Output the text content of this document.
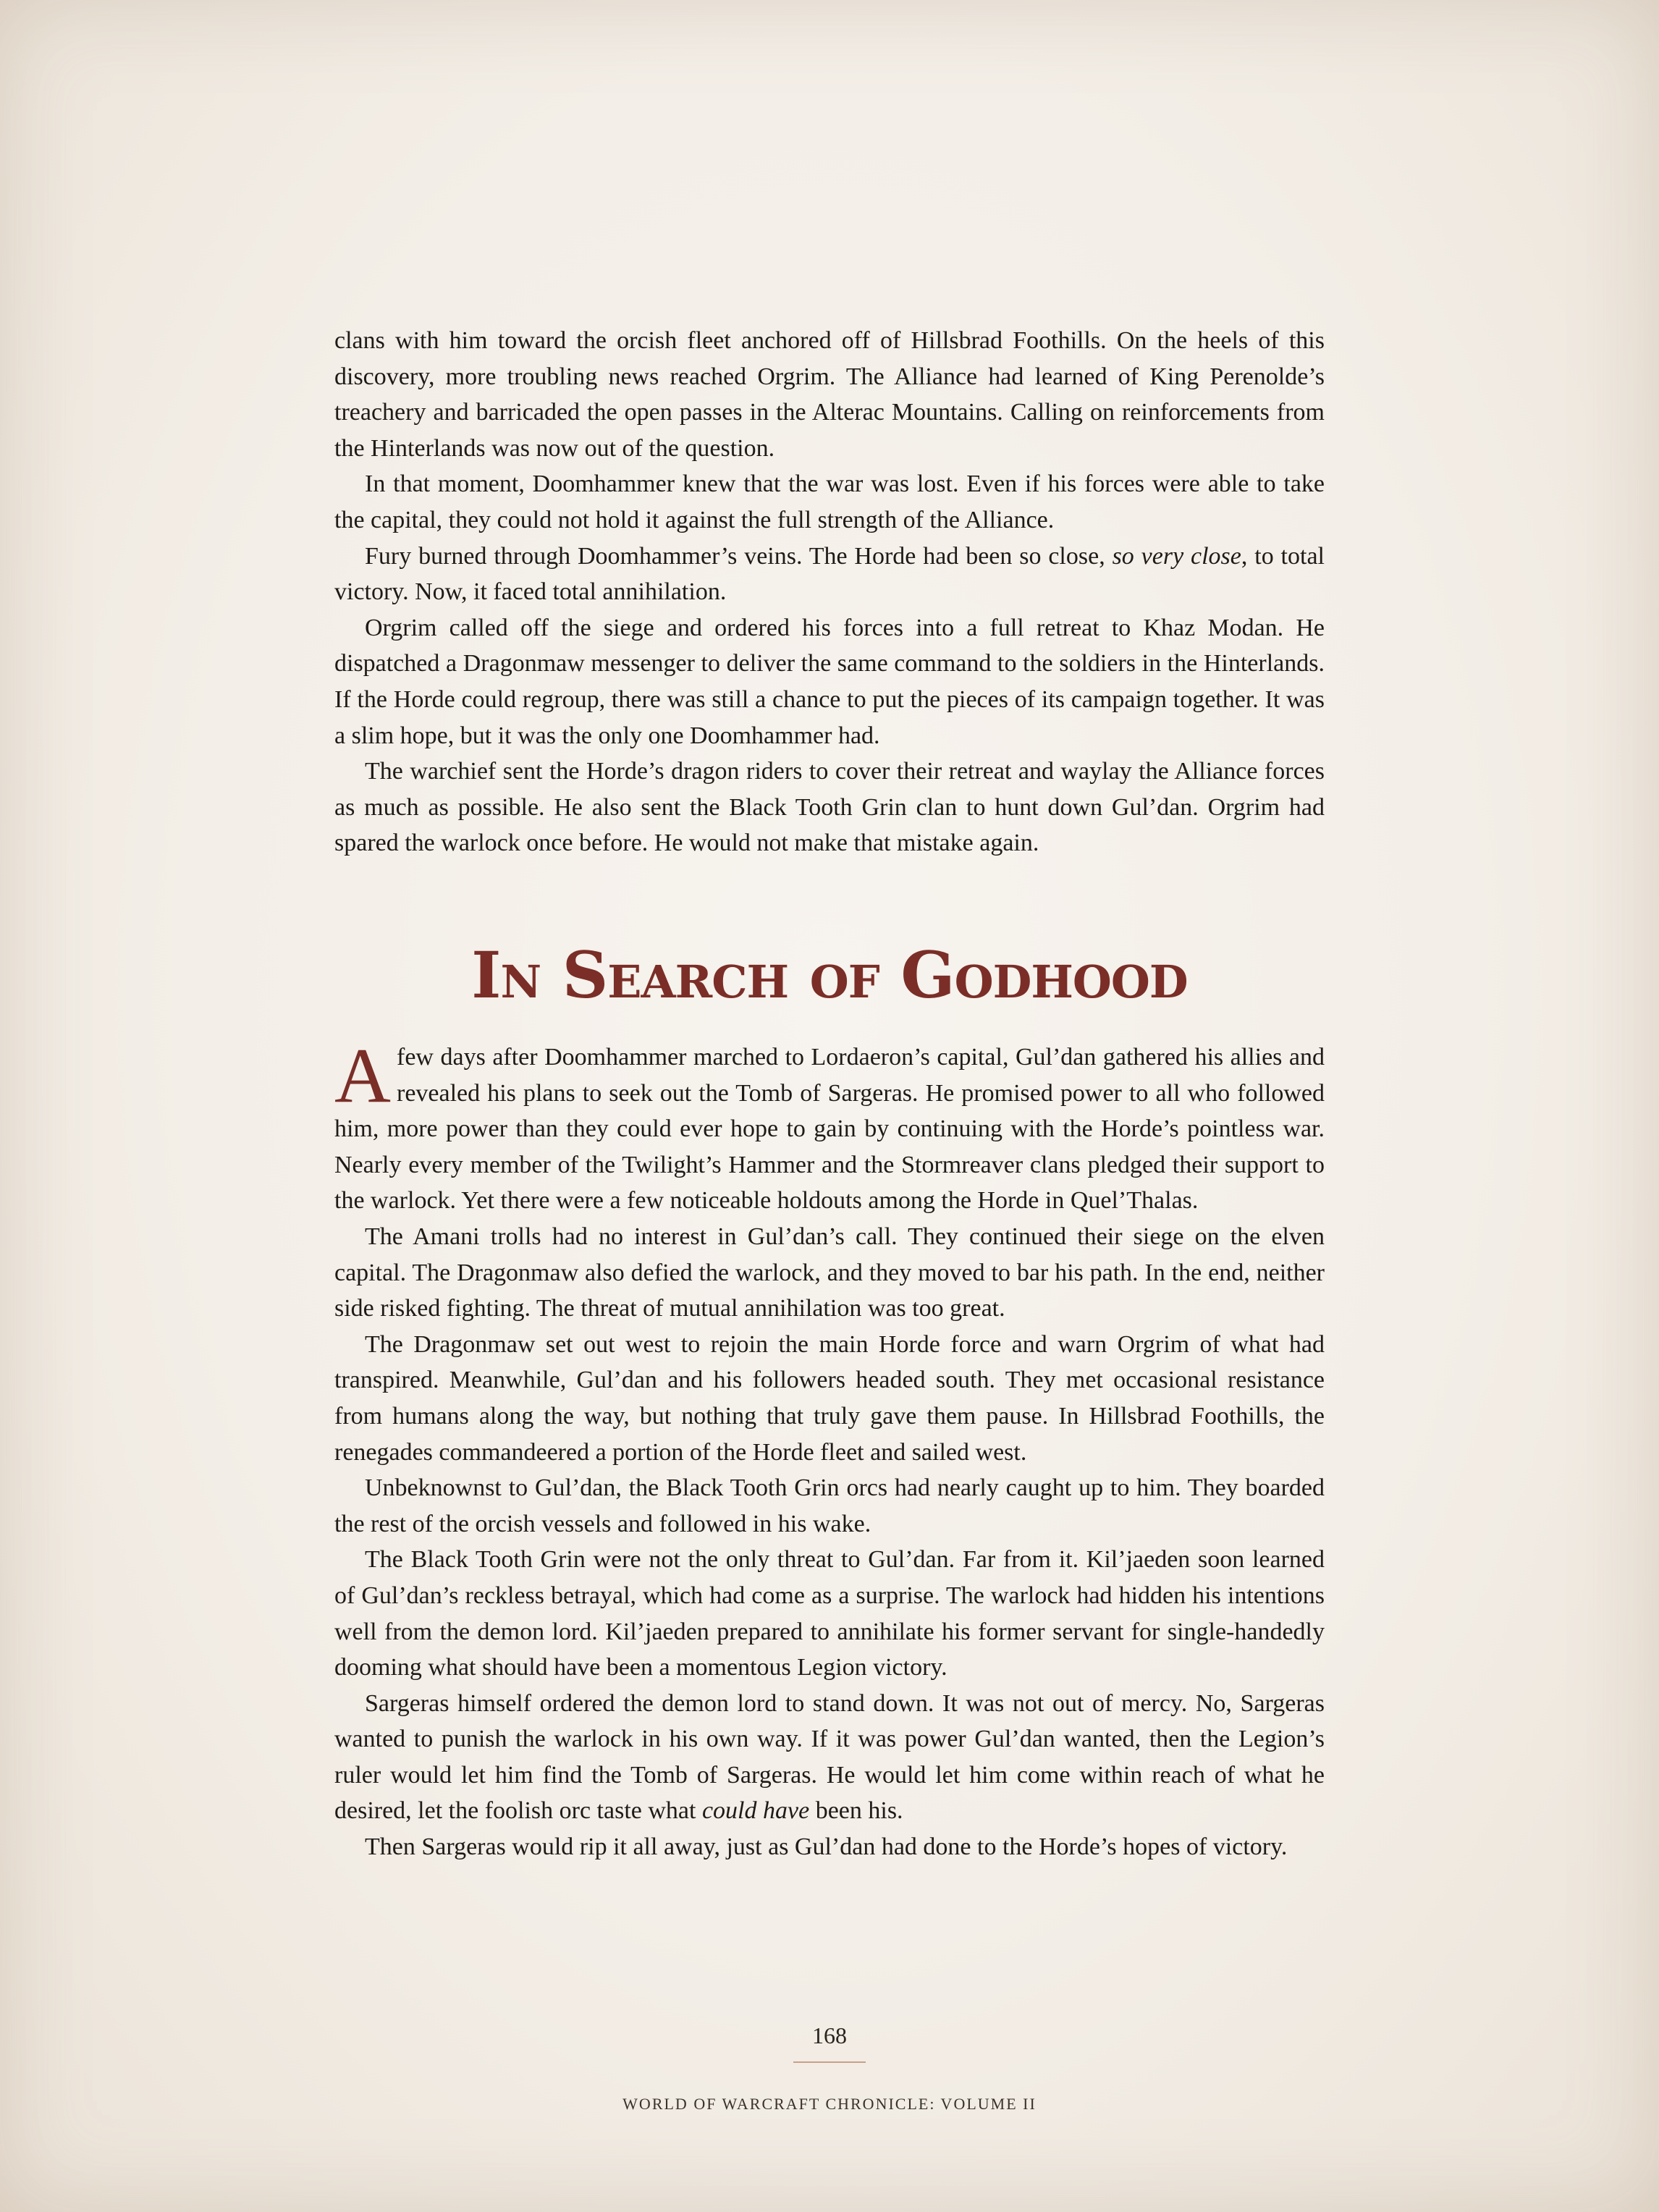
clans with him toward the orcish fleet anchored off of Hillsbrad Foothills. On the heels of this discovery, more troubling news reached Orgrim. The Alliance had learned of King Perenolde’s treachery and barricaded the open passes in the Alterac Mountains. Calling on reinforcements from the Hinterlands was now out of the question.

In that moment, Doomhammer knew that the war was lost. Even if his forces were able to take the capital, they could not hold it against the full strength of the Alliance.

Fury burned through Doomhammer’s veins. The Horde had been so close, so very close, to total victory. Now, it faced total annihilation.

Orgrim called off the siege and ordered his forces into a full retreat to Khaz Modan. He dispatched a Dragonmaw messenger to deliver the same command to the soldiers in the Hinterlands. If the Horde could regroup, there was still a chance to put the pieces of its campaign together. It was a slim hope, but it was the only one Doomhammer had.

The warchief sent the Horde’s dragon riders to cover their retreat and waylay the Alliance forces as much as possible. He also sent the Black Tooth Grin clan to hunt down Gul’dan. Orgrim had spared the warlock once before. He would not make that mistake again.

In Search of Godhood

A few days after Doomhammer marched to Lordaeron’s capital, Gul’dan gathered his allies and revealed his plans to seek out the Tomb of Sargeras. He promised power to all who followed him, more power than they could ever hope to gain by continuing with the Horde’s pointless war. Nearly every member of the Twilight’s Hammer and the Stormreaver clans pledged their support to the warlock. Yet there were a few noticeable holdouts among the Horde in Quel’Thalas.

The Amani trolls had no interest in Gul’dan’s call. They continued their siege on the elven capital. The Dragonmaw also defied the warlock, and they moved to bar his path. In the end, neither side risked fighting. The threat of mutual annihilation was too great.

The Dragonmaw set out west to rejoin the main Horde force and warn Orgrim of what had transpired. Meanwhile, Gul’dan and his followers headed south. They met occasional resistance from humans along the way, but nothing that truly gave them pause. In Hillsbrad Foothills, the renegades commandeered a portion of the Horde fleet and sailed west.

Unbeknownst to Gul’dan, the Black Tooth Grin orcs had nearly caught up to him. They boarded the rest of the orcish vessels and followed in his wake.

The Black Tooth Grin were not the only threat to Gul’dan. Far from it. Kil’jaeden soon learned of Gul’dan’s reckless betrayal, which had come as a surprise. The warlock had hidden his intentions well from the demon lord. Kil’jaeden prepared to annihilate his former servant for single-handedly dooming what should have been a momentous Legion victory.

Sargeras himself ordered the demon lord to stand down. It was not out of mercy. No, Sargeras wanted to punish the warlock in his own way. If it was power Gul’dan wanted, then the Legion’s ruler would let him find the Tomb of Sargeras. He would let him come within reach of what he desired, let the foolish orc taste what could have been his.

Then Sargeras would rip it all away, just as Gul’dan had done to the Horde’s hopes of victory.

168

WORLD OF WARCRAFT CHRONICLE: VOLUME II
